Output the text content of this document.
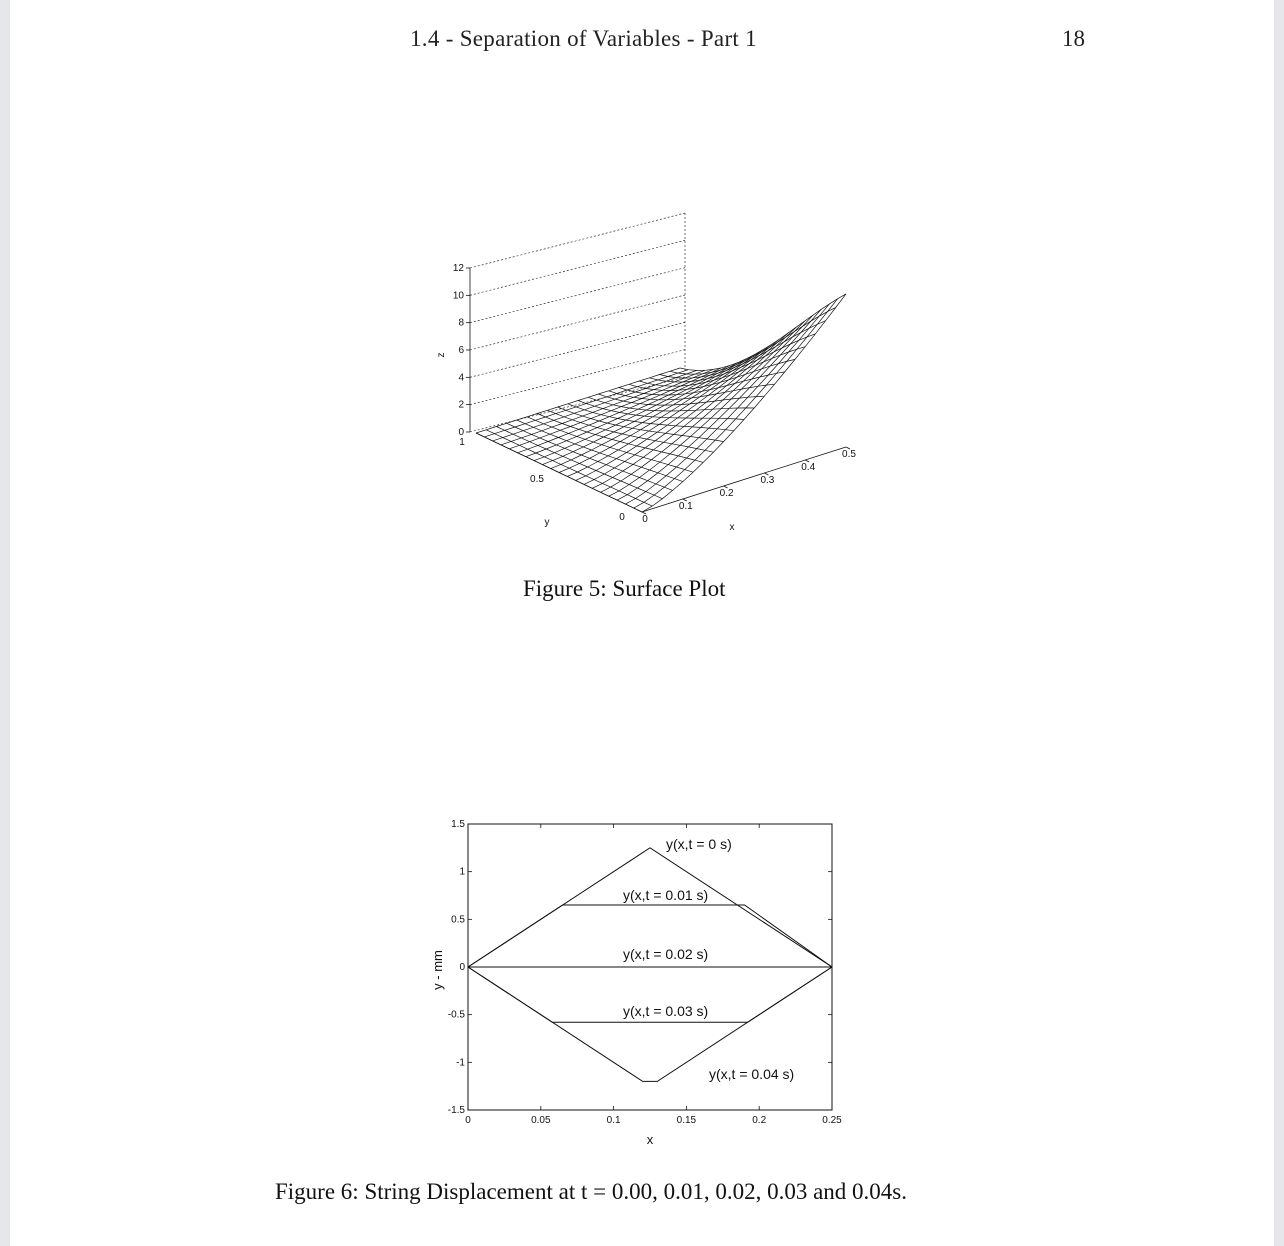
1.4 - Separation of Variables - Part 1	18
0
2
4
6
8
10
12
z
0
0.5
1
y	0
0.1
0.2
0.3
0.4
0.5
x
Figure 5: Surface Plot
0	0.05	0.1	0.15	0.2	0.25
-1.5
-1
-0.5
0
0.5
1
1.5
x
y - mm
y(x,t = 0 s)
y(x,t = 0.01 s)
y(x,t = 0.02 s)
y(x,t = 0.03 s)
y(x,t = 0.04 s)
Figure 6: String Displacement at t = 0.00, 0.01, 0.02, 0.03 and 0.04s.
